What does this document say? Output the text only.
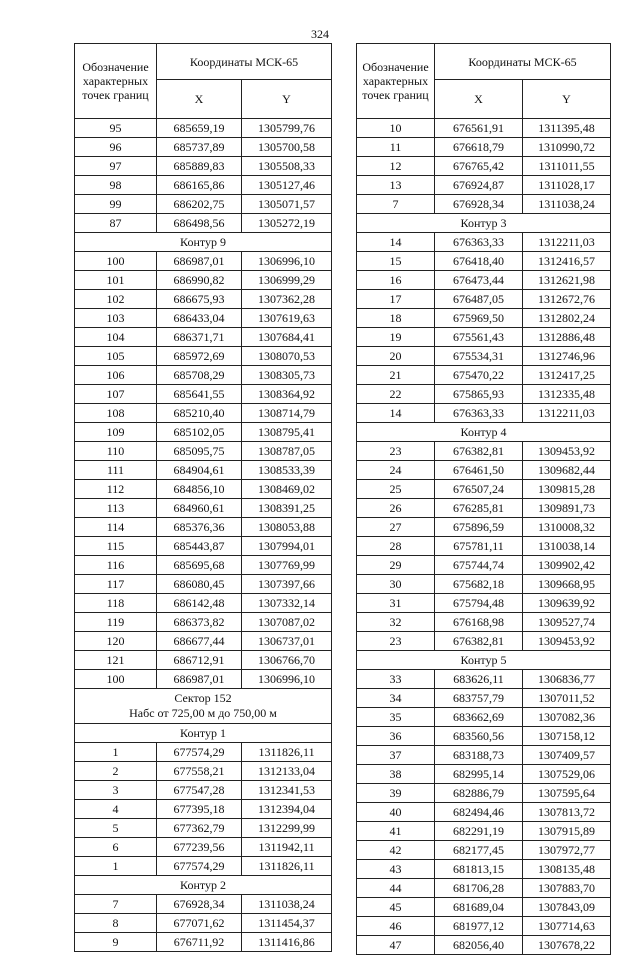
324
Обозначение характерных точек границ	Координаты МСК-65	
	X	Y
95	685659,19	1305799,76
96	685737,89	1305700,58
97	685889,83	1305508,33
98	686165,86	1305127,46
99	686202,75	1305071,57
87	686498,56	1305272,19

Контур 9		

100	686987,01	1306996,10
101	686990,82	1306999,29
102	686675,93	1307362,28
103	686433,04	1307619,63
104	686371,71	1307684,41
105	685972,69	1308070,53
106	685708,29	1308305,73
107	685641,55	1308364,92
108	685210,40	1308714,79
109	685102,05	1308795,41
110	685095,75	1308787,05
111	684904,61	1308533,39
112	684856,10	1308469,02
113	684960,61	1308391,25
114	685376,36	1308053,88
115	685443,87	1307994,01
116	685695,68	1307769,99
117	686080,45	1307397,66
118	686142,48	1307332,14
119	686373,82	1307087,02
120	686677,44	1306737,01
121	686712,91	1306766,70
100	686987,01	1306996,10

Сектор 152
Набс от 725,00 м до 750,00 м		

Контур 1		

1	677574,29	1311826,11
2	677558,21	1312133,04
3	677547,28	1312341,53
4	677395,18	1312394,04
5	677362,79	1312299,99
6	677239,56	1311942,11
1	677574,29	1311826,11

Контур 2		

7	676928,34	1311038,24
8	677071,62	1311454,37
9	676711,92	1311416,86
Обозначение характерных точек границ	Координаты МСК-65	
	X	Y
10	676561,91	1311395,48
11	676618,79	1310990,72
12	676765,42	1311011,55
13	676924,87	1311028,17
7	676928,34	1311038,24

Контур 3		

14	676363,33	1312211,03
15	676418,40	1312416,57
16	676473,44	1312621,98
17	676487,05	1312672,76
18	675969,50	1312802,24
19	675561,43	1312886,48
20	675534,31	1312746,96
21	675470,22	1312417,25
22	675865,93	1312335,48
14	676363,33	1312211,03

Контур 4		

23	676382,81	1309453,92
24	676461,50	1309682,44
25	676507,24	1309815,28
26	676285,81	1309891,73
27	675896,59	1310008,32
28	675781,11	1310038,14
29	675744,74	1309902,42
30	675682,18	1309668,95
31	675794,48	1309639,92
32	676168,98	1309527,74
23	676382,81	1309453,92

Контур 5		

33	683626,11	1306836,77
34	683757,79	1307011,52
35	683662,69	1307082,36
36	683560,56	1307158,12
37	683188,73	1307409,57
38	682995,14	1307529,06
39	682886,79	1307595,64
40	682494,46	1307813,72
41	682291,19	1307915,89
42	682177,45	1307972,77
43	681813,15	1308135,48
44	681706,28	1307883,70
45	681689,04	1307843,09
46	681977,12	1307714,63
47	682056,40	1307678,22
